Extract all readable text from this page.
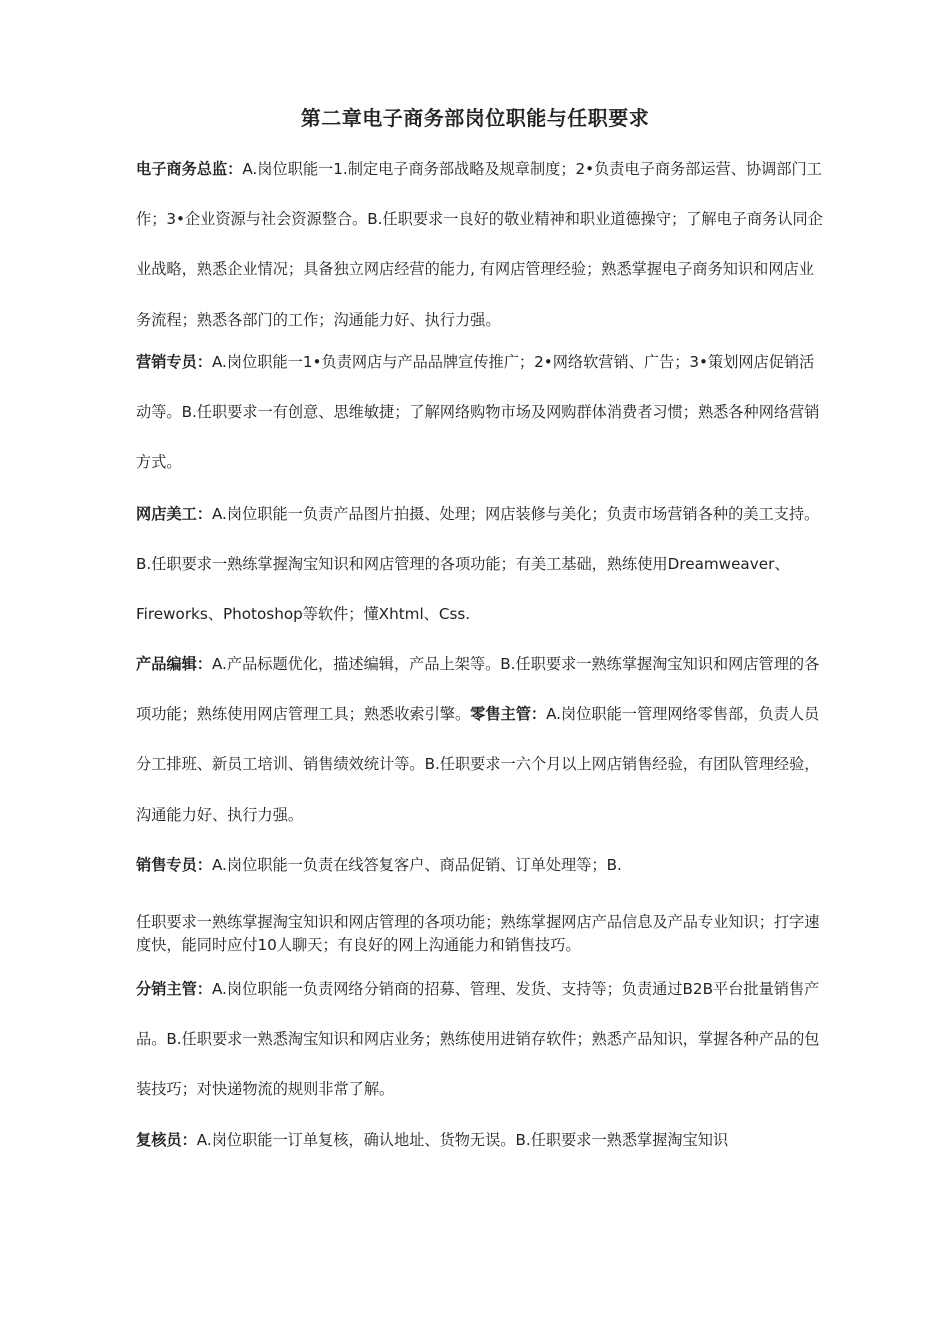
第二章电子商务部岗位职能与任职要求

电子商务总监：A.岗位职能一1.制定电子商务部战略及规章制度；2•负责电子商务部运营、协调部门工作；3•企业资源与社会资源整合。B.任职要求一良好的敬业精神和职业道德操守；了解电子商务认同企业战略，熟悉企业情况；具备独立网店经营的能力, 有网店管理经验；熟悉掌握电子商务知识和网店业务流程；熟悉各部门的工作；沟通能力好、执行力强。

营销专员：A.岗位职能一1•负责网店与产品品牌宣传推广；2•网络软营销、广告；3•策划网店促销活动等。B.任职要求一有创意、思维敏捷；了解网络购物市场及网购群体消费者习惯；熟悉各种网络营销方式。

网店美工：A.岗位职能一负责产品图片拍摄、处理；网店装修与美化；负责市场营销各种的美工支持。B.任职要求一熟练掌握淘宝知识和网店管理的各项功能；有美工基础，熟练使用Dreamweaver、Fireworks、Photoshop等软件；懂Xhtml、Css.

产品编辑：A.产品标题优化，描述编辑，产品上架等。B.任职要求一熟练掌握淘宝知识和网店管理的各项功能；熟练使用网店管理工具；熟悉收索引擎。零售主管：A.岗位职能一管理网络零售部，负责人员分工排班、新员工培训、销售绩效统计等。B.任职要求一六个月以上网店销售经验，有团队管理经验，沟通能力好、执行力强。

销售专员：A.岗位职能一负责在线答复客户、商品促销、订单处理等；B.

任职要求一熟练掌握淘宝知识和网店管理的各项功能；熟练掌握网店产品信息及产品专业知识；打字速度快，能同时应付10人聊天；有良好的网上沟通能力和销售技巧。

分销主管：A.岗位职能一负责网络分销商的招募、管理、发货、支持等；负责通过B2B平台批量销售产品。B.任职要求一熟悉淘宝知识和网店业务；熟练使用进销存软件；熟悉产品知识，掌握各种产品的包装技巧；对快递物流的规则非常了解。

复核员：A.岗位职能一订单复核，确认地址、货物无误。B.任职要求一熟悉掌握淘宝知识
